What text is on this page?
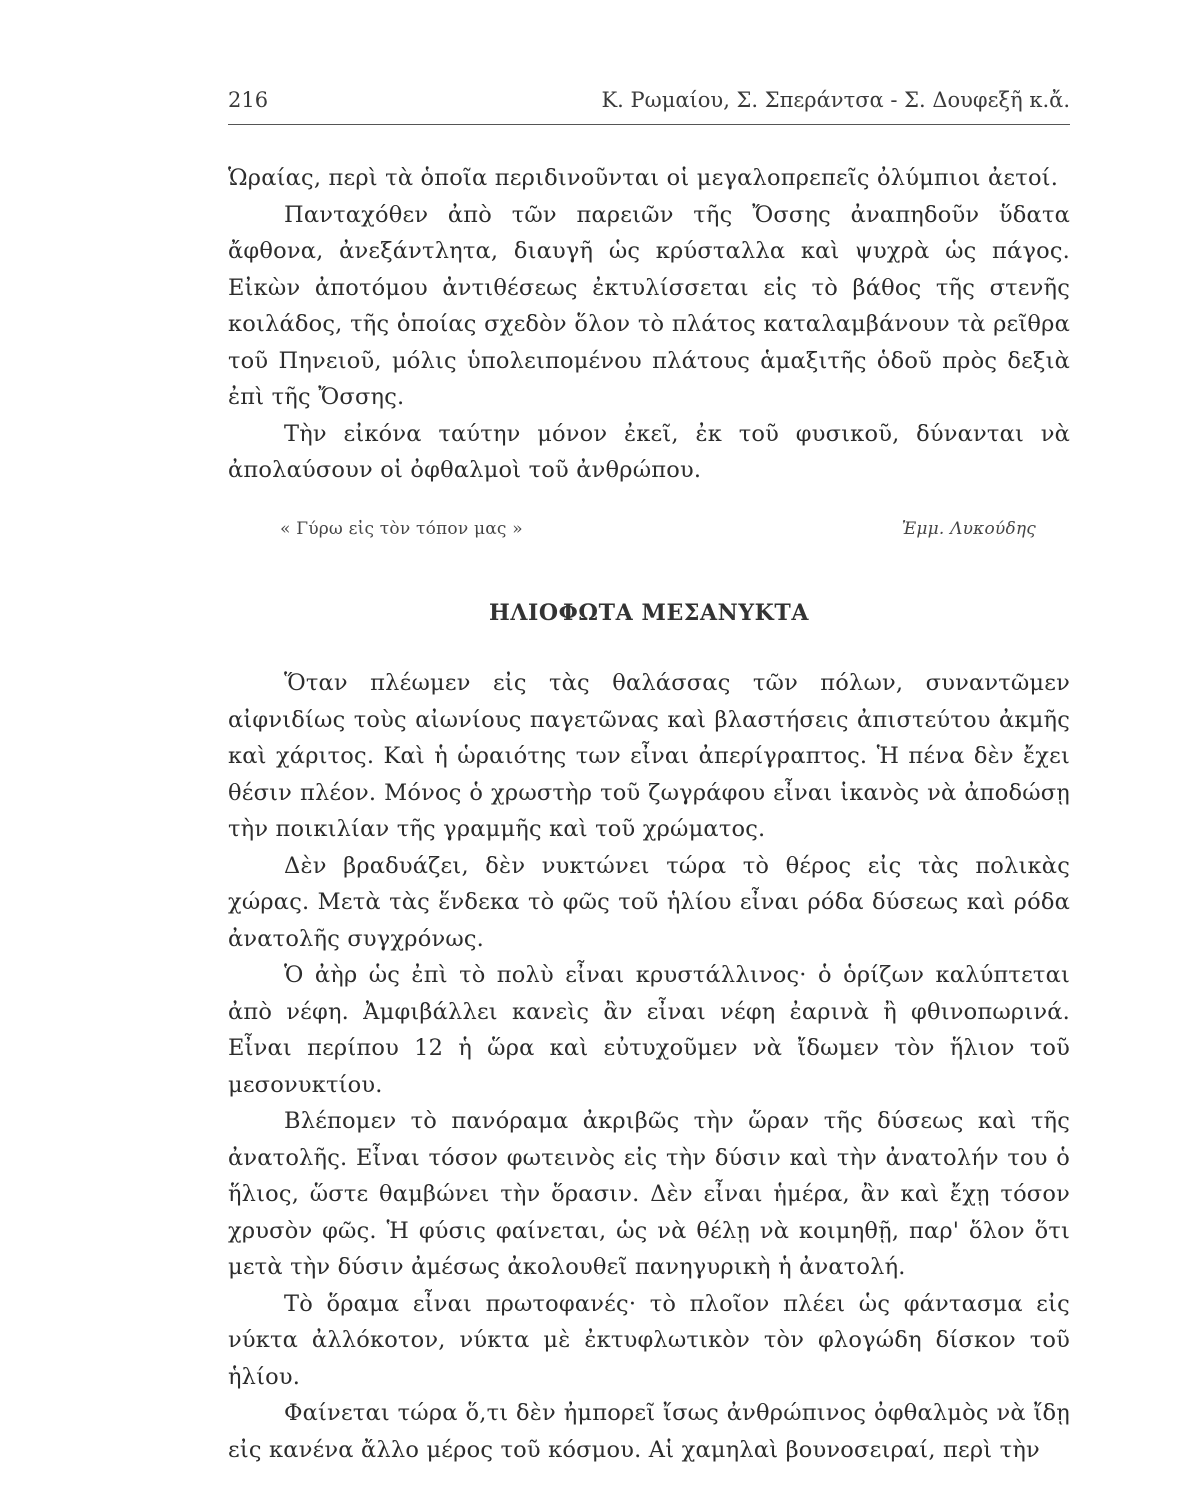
216	Κ. Ρωμαίου, Σ. Σπεράντσα - Σ. Δουφεξῆ κ.ἄ.

Ὡραίας, περὶ τὰ ὁποῖα περιδινοῦνται οἱ μεγαλοπρεπεῖς ὀλύμπιοι ἀετοί.

Πανταχόθεν ἀπὸ τῶν παρειῶν τῆς Ὄσσης ἀναπηδοῦν ὕδατα ἄφθονα, ἀνεξάντλητα, διαυγῆ ὡς κρύσταλλα καὶ ψυχρὰ ὡς πάγος. Εἰκὼν ἀποτόμου ἀντιθέσεως ἐκτυλίσσεται εἰς τὸ βάθος τῆς στενῆς κοιλάδος, τῆς ὁποίας σχεδὸν ὅλον τὸ πλάτος καταλαμβάνουν τὰ ρεῖθρα τοῦ Πηνειοῦ, μόλις ὑπολειπομένου πλάτους ἁμαξιτῆς ὁδοῦ πρὸς δεξιὰ ἐπὶ τῆς Ὄσσης.

Τὴν εἰκόνα ταύτην μόνον ἐκεῖ, ἐκ τοῦ φυσικοῦ, δύνανται νὰ ἀπολαύσουν οἱ ὀφθαλμοὶ τοῦ ἀνθρώπου.

« Γύρω εἰς τὸν τόπον μας »	Ἐμμ. Λυκούδης
ΗΛΙΟΦΩΤΑ ΜΕΣΑΝΥΚΤΑ

Ὅταν πλέωμεν εἰς τὰς θαλάσσας τῶν πόλων, συναντῶμεν αἰφνιδίως τοὺς αἰωνίους παγετῶνας καὶ βλαστήσεις ἀπιστεύτου ἀκμῆς καὶ χάριτος. Καὶ ἡ ὡραιότης των εἶναι ἀπερίγραπτος. Ἡ πένα δὲν ἔχει θέσιν πλέον. Μόνος ὁ χρωστὴρ τοῦ ζωγράφου εἶναι ἱκανὸς νὰ ἀποδώσῃ τὴν ποικιλίαν τῆς γραμμῆς καὶ τοῦ χρώματος.

Δὲν βραδυάζει, δὲν νυκτώνει τώρα τὸ θέρος εἰς τὰς πολικὰς χώρας. Μετὰ τὰς ἕνδεκα τὸ φῶς τοῦ ἡλίου εἶναι ρόδα δύσεως καὶ ρόδα ἀνατολῆς συγχρόνως.

Ὁ ἀὴρ ὡς ἐπὶ τὸ πολὺ εἶναι κρυστάλλινος· ὁ ὁρίζων καλύπτεται ἀπὸ νέφη. Ἀμφιβάλλει κανεὶς ἂν εἶναι νέφη ἐαρινὰ ἢ φθινοπωρινά. Εἶναι περίπου 12 ἡ ὥρα καὶ εὐτυχοῦμεν νὰ ἴδωμεν τὸν ἥλιον τοῦ μεσονυκτίου.

Βλέπομεν τὸ πανόραμα ἀκριβῶς τὴν ὥραν τῆς δύσεως καὶ τῆς ἀνατολῆς. Εἶναι τόσον φωτεινὸς εἰς τὴν δύσιν καὶ τὴν ἀνατολήν του ὁ ἥλιος, ὥστε θαμβώνει τὴν ὅρασιν. Δὲν εἶναι ἡμέρα, ἂν καὶ ἔχῃ τόσον χρυσὸν φῶς. Ἡ φύσις φαίνεται, ὡς νὰ θέλῃ νὰ κοιμηθῇ, παρ' ὅλον ὅτι μετὰ τὴν δύσιν ἀμέσως ἀκολουθεῖ πανηγυρικὴ ἡ ἀνατολή.

Τὸ ὅραμα εἶναι πρωτοφανές· τὸ πλοῖον πλέει ὡς φάντασμα εἰς νύκτα ἀλλόκοτον, νύκτα μὲ ἐκτυφλωτικὸν τὸν φλογώδη δίσκον τοῦ ἡλίου.

Φαίνεται τώρα ὅ,τι δὲν ἠμπορεῖ ἴσως ἀνθρώπινος ὀφθαλμὸς νὰ ἴδῃ εἰς κανένα ἄλλο μέρος τοῦ κόσμου. Αἱ χαμηλαὶ βουνοσειραί, περὶ τὴν
